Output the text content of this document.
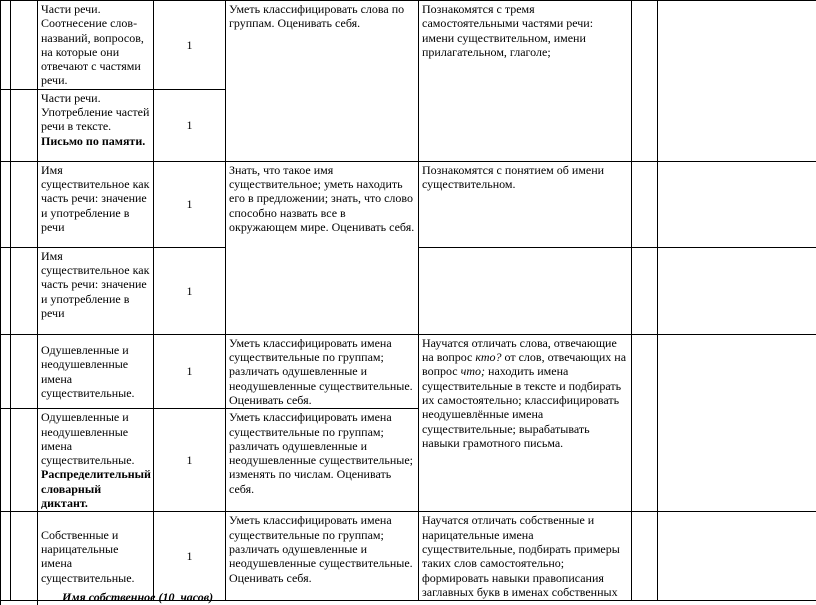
		Части речи. Соотнесение слов-названий, вопросов, на которые они отвечают с частями речи.	1	Уметь классифицировать слова по группам. Оценивать себя.	Познакомятся с тремя самостоятельными частями речи: имени существительном, имени прилагательном, глаголе;		
		Части речи. Употребление частей речи в тексте. Письмо по памяти.	1				
		Имя существительное как часть речи: значение и употребление в речи	1	Знать, что такое имя существительное; уметь находить его в предложении; знать, что слово способно назвать все в окружающем мире. Оценивать себя.	Познакомятся с понятием об имени существительном.		
		Имя существительное как часть речи: значение и употребление в речи	1				
		Одушевленные и неодушевленные имена существительные.	1	Уметь классифицировать имена существительные по группам; различать одушевленные и неодушевленные существительные. Оценивать себя.	Научатся отличать слова, отвечающие на вопрос кто? от слов, отвечающих на вопрос что; находить имена существительные в тексте и подбирать их самостоятельно; классифицировать неодушевлённые имена существительные; вырабатывать навыки грамотного письма.		
		Одушевленные и неодушевленные имена существительные. Распределительный словарный диктант.	1	Уметь классифицировать имена существительные по группам; различать одушевленные и неодушевленные существительные; изменять по числам. Оценивать себя.			
		Собственные и нарицательные имена существительные.	1	Уметь классифицировать имена существительные по группам; различать одушевленные и неодушевленные существительные. Оценивать себя.	Научатся отличать собственные и нарицательные имена существительные, подбирать примеры таких слов самостоятельно; формировать навыки правописания заглавных букв в именах собственных		
Имя собственное (10  часов)
